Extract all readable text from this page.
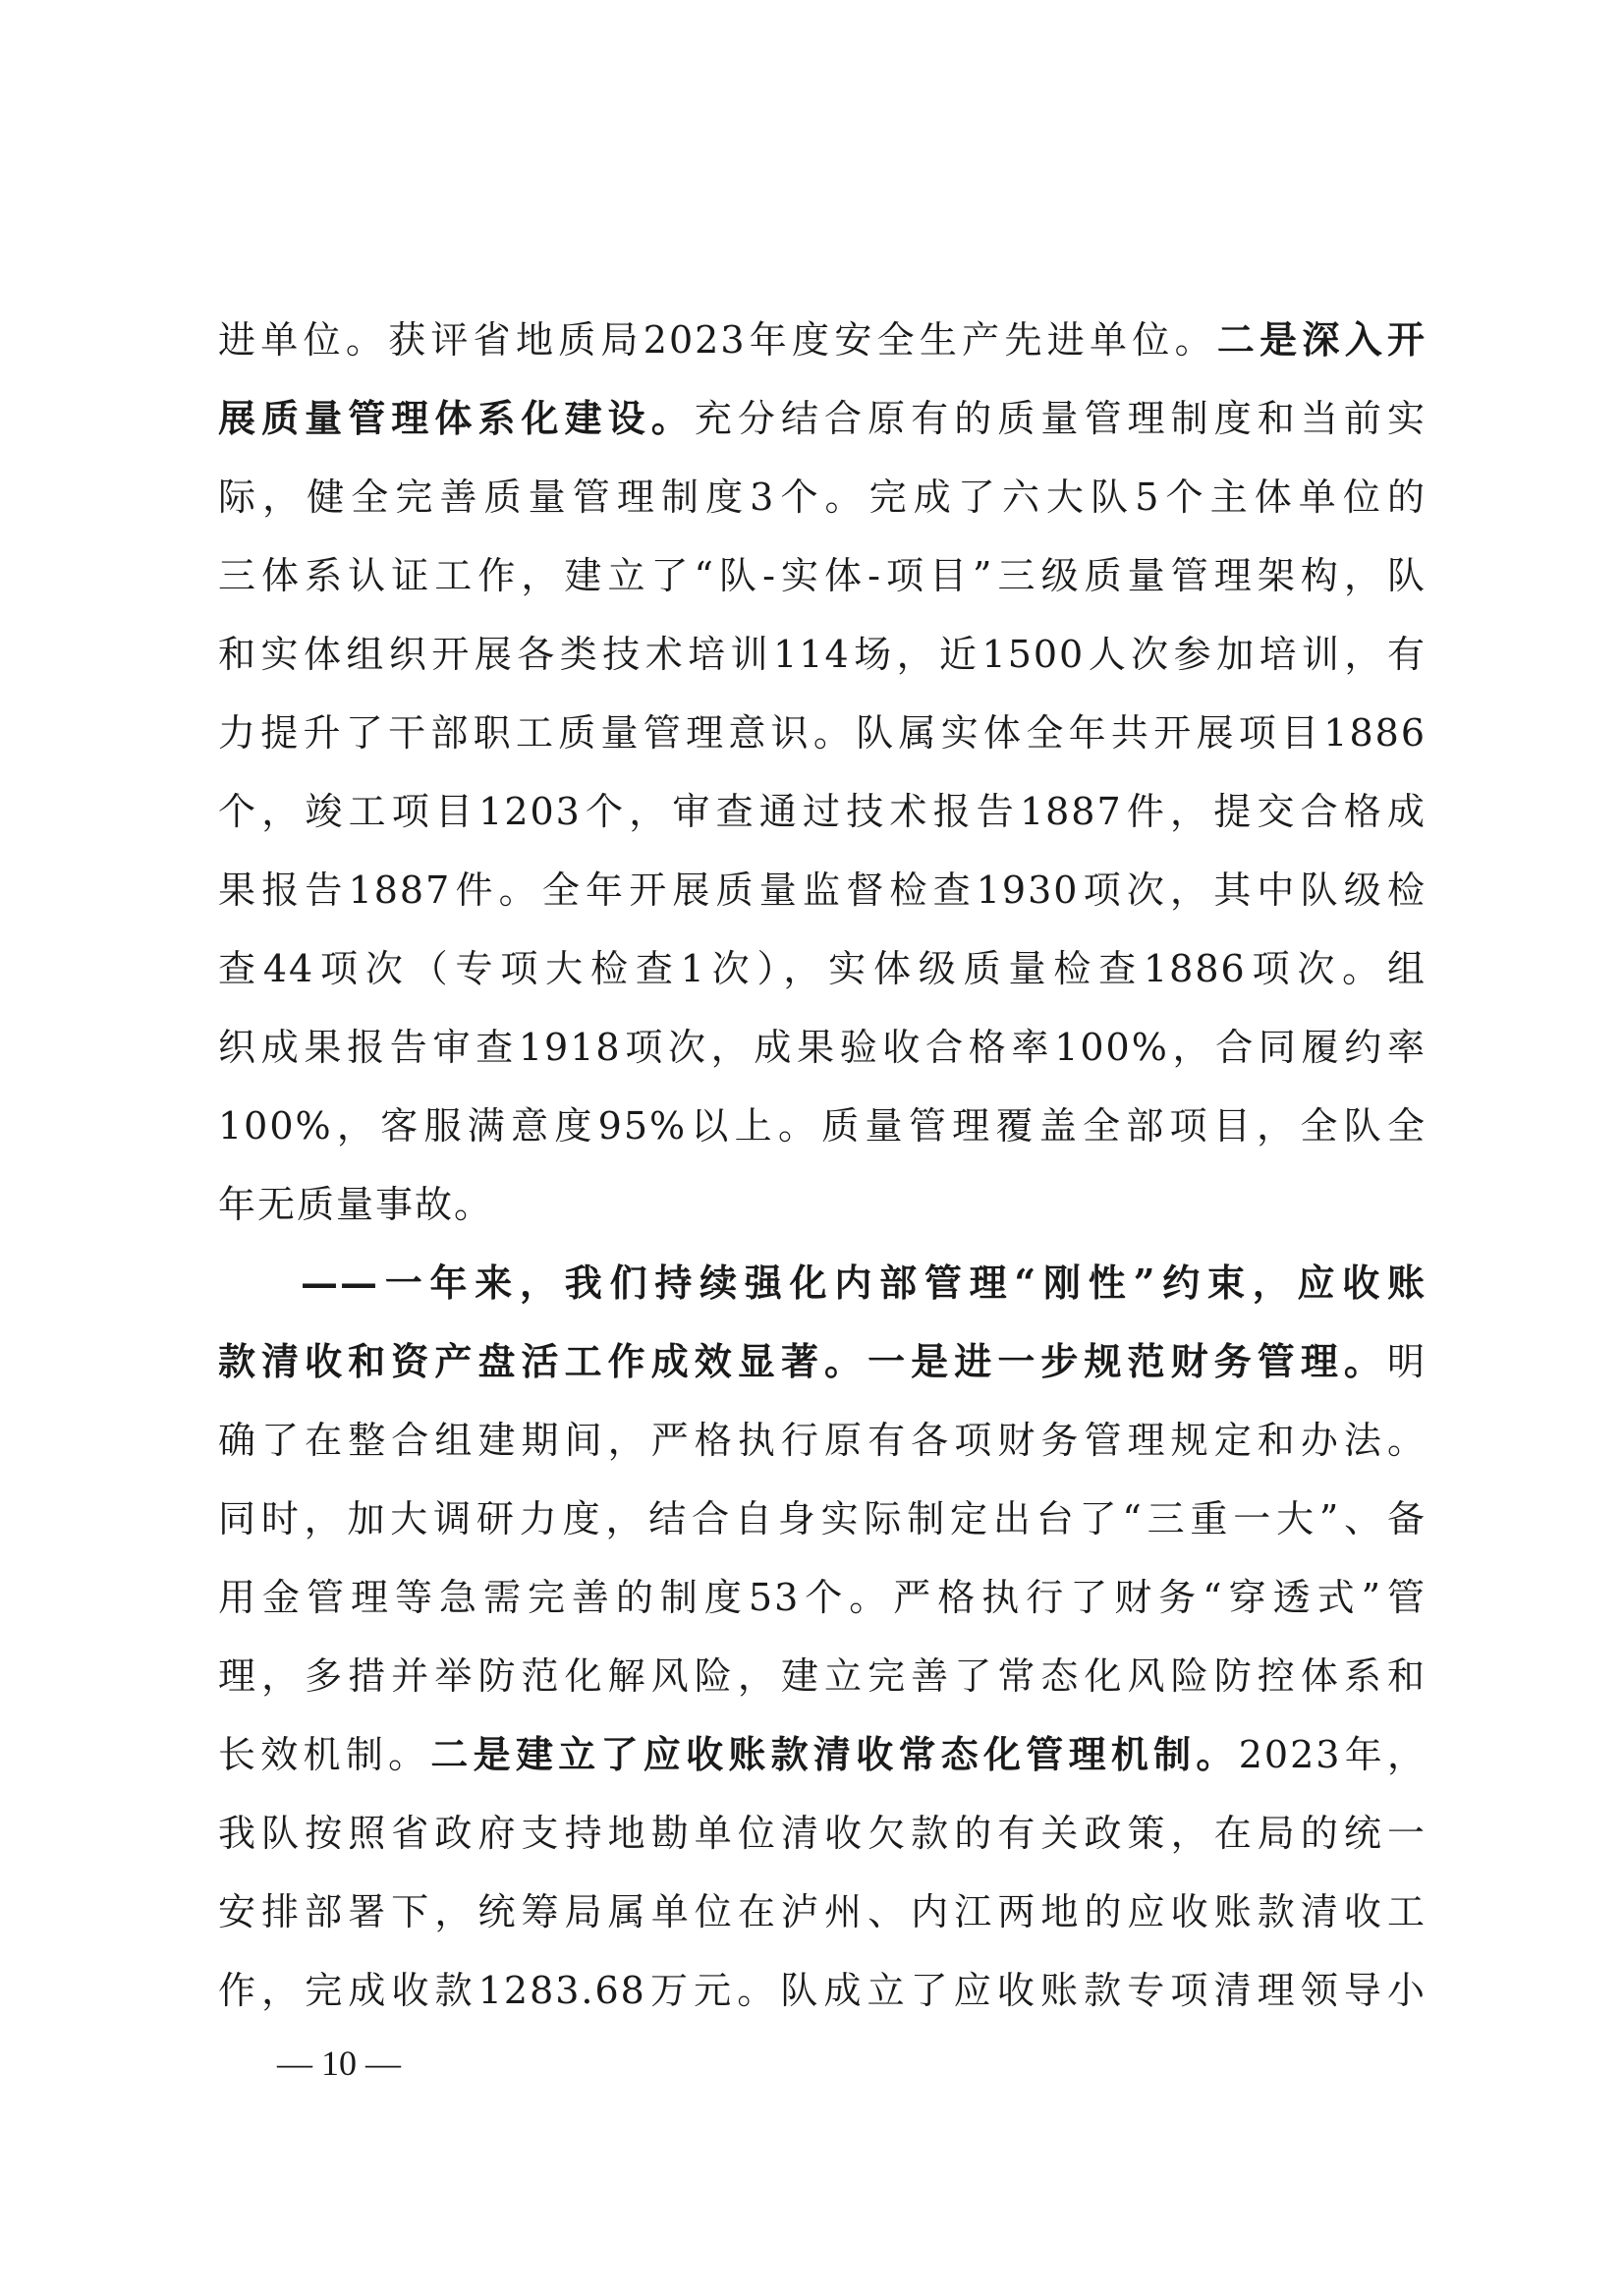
进单位。获评省地质局2023年度安全生产先进单位。二是深入开
展质量管理体系化建设。充分结合原有的质量管理制度和当前实
际，健全完善质量管理制度3个。完成了六大队5个主体单位的
三体系认证工作，建立了“队-实体-项目”三级质量管理架构，队
和实体组织开展各类技术培训114场，近1500人次参加培训，有
力提升了干部职工质量管理意识。队属实体全年共开展项目1886
个，竣工项目1203个，审查通过技术报告1887件，提交合格成
果报告1887件。全年开展质量监督检查1930项次，其中队级检
查44项次（专项大检查1次），实体级质量检查1886项次。组
织成果报告审查1918项次，成果验收合格率100%，合同履约率
100%，客服满意度95%以上。质量管理覆盖全部项目，全队全
年无质量事故。
——一年来，我们持续强化内部管理“刚性”约束，应收账
款清收和资产盘活工作成效显著。一是进一步规范财务管理。明
确了在整合组建期间，严格执行原有各项财务管理规定和办法。
同时，加大调研力度，结合自身实际制定出台了“三重一大”、备
用金管理等急需完善的制度53个。严格执行了财务“穿透式”管
理，多措并举防范化解风险，建立完善了常态化风险防控体系和
长效机制。二是建立了应收账款清收常态化管理机制。2023年，
我队按照省政府支持地勘单位清收欠款的有关政策，在局的统一
安排部署下，统筹局属单位在泸州、内江两地的应收账款清收工
作，完成收款1283.68万元。队成立了应收账款专项清理领导小
— 10 —
